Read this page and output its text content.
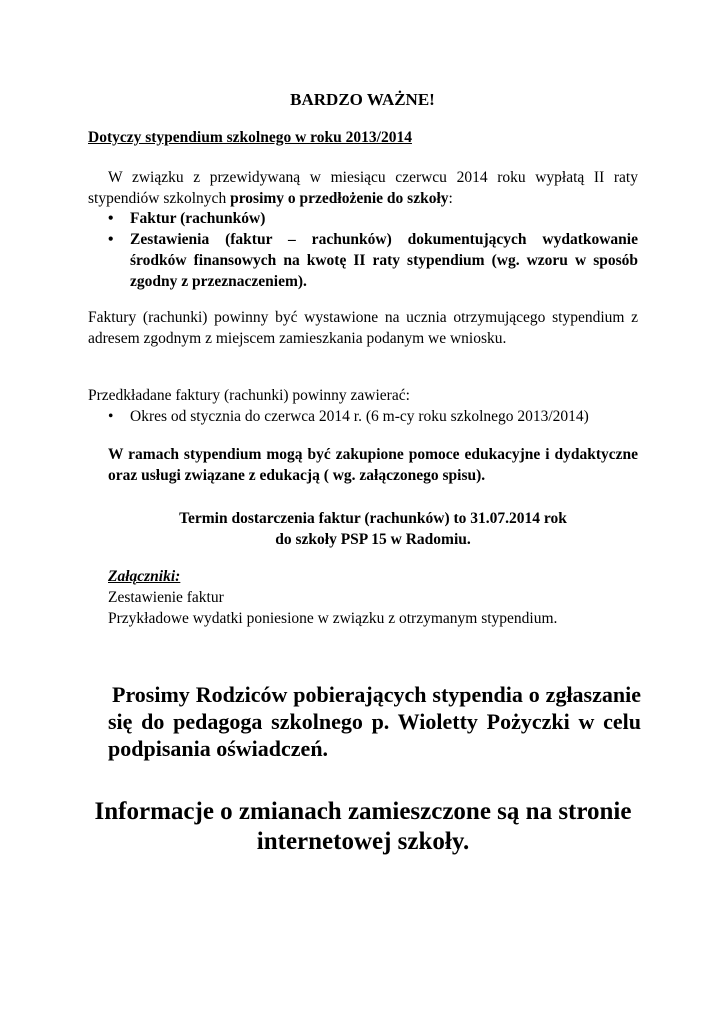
BARDZO WAŻNE!
Dotyczy stypendium szkolnego w roku 2013/2014
W związku z przewidywaną w miesiącu czerwcu 2014 roku wypłatą II raty stypendiów szkolnych prosimy o przedłożenie do szkoły:
• Faktur (rachunków)
• Zestawienia (faktur – rachunków) dokumentujących wydatkowanie środków finansowych na kwotę II raty stypendium (wg. wzoru w sposób zgodny z przeznaczeniem).
Faktury (rachunki) powinny być wystawione na ucznia otrzymującego stypendium z adresem zgodnym z miejscem zamieszkania podanym we wniosku.
Przedkładane faktury (rachunki) powinny zawierać:
• Okres od stycznia do czerwca 2014 r. (6 m-cy roku szkolnego 2013/2014)
W ramach stypendium mogą być zakupione pomoce edukacyjne i dydaktyczne oraz usługi związane z edukacją ( wg. załączonego spisu).
Termin dostarczenia faktur (rachunków) to 31.07.2014 rok
do szkoły PSP 15 w Radomiu.
Załączniki:
Zestawienie faktur
Przykładowe wydatki poniesione w związku z otrzymanym stypendium.
Prosimy Rodziców pobierających stypendia o zgłaszanie się do pedagoga szkolnego p. Wioletty Pożyczki w celu podpisania oświadczeń.
Informacje o zmianach zamieszczone są na stronie internetowej szkoły.
